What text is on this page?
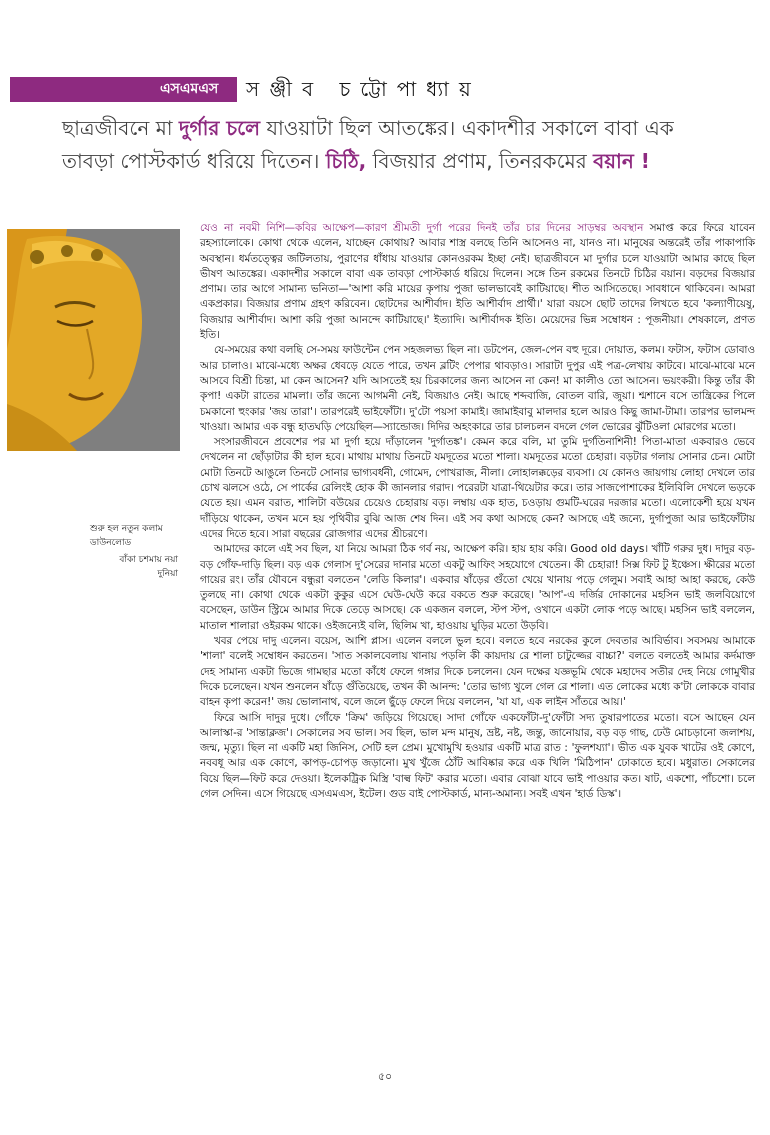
এসএমএস	সঞ্জীব চট্টোপাধ্যায়
ছাত্রজীবনে মা দুর্গার চলে যাওয়াটা ছিল আতঙ্কের। একাদশীর সকালে বাবা এক তাবড়া পোস্টকার্ড ধরিয়ে দিতেন। চিঠি, বিজয়ার প্রণাম, তিনরকমের বয়ান !
শুরু হল নতুন কলাম
ডাউনলোড
বাঁকা চশমায় নয়া
দুনিয়া

যেও না নবমী নিশি—কবির আক্ষেপ—কারণ শ্রীমতী দুর্গা পরের দিনই তাঁর চার দিনের সাড়ম্বর অবস্থান সমাপ্ত করে ফিরে যাবেন রহস্যালোকে। কোথা থেকে এলেন, যাচ্ছেন কোথায়? আবার শাস্ত্র বলছে তিনি আসেনও না, যানও না। মানুষের অন্তরেই তাঁর পাকাপাকি অবস্থান। ধর্মতত্ত্বের জটিলতায়, পুরাণের ধাঁধায় যাওয়ার কোনওরকম ইচ্ছা নেই। ছাত্রজীবনে মা দুর্গার চলে যাওয়াটা আমার কাছে ছিল ভীষণ আতঙ্কের। একাদশীর সকালে বাবা এক তাবড়া পোস্টকার্ড ধরিয়ে দিলেন। সঙ্গে তিন রকমের তিনটে চিঠির বয়ান। বড়দের বিজয়ার প্রণাম। তার আগে সামান্য ভনিতা—'আশা করি মায়ের কৃপায় পুজা ভালভাবেই কাটিয়াছে। শীত আসিতেছে। সাবধানে থাকিবেন। আমরা একপ্রকার। বিজয়ার প্রণাম গ্রহণ করিবেন। ছোটদের আশীর্বাদ। ইতি আশীর্বাদ প্রার্থী।' যারা বয়সে ছোট তাদের লিখতে হবে 'কল্যাণীয়েষু, বিজয়ার আশীর্বাদ। আশা করি পুজা আনন্দে কাটিয়াছে।' ইত্যাদি। আশীর্বাদক ইতি। মেয়েদের ভিন্ন সম্বোধন : পূজনীয়া। শেষকালে, প্রণত ইতি।

যে-সময়ের কথা বলছি সে-সময় ফাউন্টেন পেন সহজলভ্য ছিল না। ডটপেন, জেল-পেন বহু দূরে। দোয়াত, কলম। ফটাস, ফটাস ডোবাও আর চালাও। মাঝে-মধ্যে অক্ষর ধেবড়ে যেতে পারে, তখন ব্লটিং পেপার থাবড়াও। সারাটা দুপুর এই পত্র-লেখায় কাটবে। মাঝে-মাঝে মনে আসবে বিশ্রী চিন্তা, মা কেন আসেন? যদি আসতেই হয় চিরকালের জন্য আসেন না কেন! মা কালীও তো আসেন। ভয়ংকরী। কিন্তু তাঁর কী কৃপা! একটা রাতের মামলা। তাঁর জন্যে আগমনী নেই, বিজয়াও নেই। আছে শব্দবাজি, বোতল বারি, জুয়া। শ্মশানে বসে তান্ত্রিকের পিলে চমকানো হুংকার 'জয় তারা'। তারপরেই ভাইফোঁটা। দু'টো পয়সা কামাই। জামাইবাবু মালদার হলে আরও কিছু জামা-টামা। তারপর ভালমন্দ খাওয়া। আমার এক বন্ধু হাতঘড়ি পেয়েছিল—স্যান্ডোজ। দিদির অহংকারে তার চালচলন বদলে গেল ভোরের ঝুঁটিওলা মোরগের মতো।

সংসারজীবনে প্রবেশের পর মা দুর্গা হয়ে দাঁড়ালেন 'দুর্গাতঙ্ক'। কেমন করে বলি, মা তুমি দুর্গতিনাশিনী! পিতা-মাতা একবারও ভেবে দেখলেন না ছোঁড়াটার কী হাল হবে। মাথায় মাথায় তিনটে যমদূতের মতো শালা। যমদূতের মতো চেহারা। বড়টার গলায় সোনার চেন। মোটা মোটা তিনটে আঙুলে তিনটে সোনার ভাগ্যবর্ধনী, গোমেদ, পোখরাজ, নীলা। লোহালক্কড়ের ব্যবসা। যে কোনও জায়গায় লোহা দেখলে তার চোখ ঝলসে ওঠে, সে পার্কের রেলিংই হোক কী জানলার গরাদ। পরেরটা যাত্রা-থিয়েটার করে। তার সাজপোশাকের ইলিবিলি দেখলে ভড়কে যেতে হয়। এমন বরাত, শালিটা বউয়ের চেয়েও চেহারায় বড়। লম্বায় এক হাত, চওড়ায় গুমটি-ঘরের দরজার মতো। এলোকেশী হয়ে যখন দাঁড়িয়ে থাকেন, তখন মনে হয় পৃথিবীর বুঝি আজ শেষ দিন। এই সব কথা আসছে কেন? আসছে এই জন্যে, দুর্গাপুজা আর ভাইফোঁটায় এদের দিতে হবে। সারা বছরের রোজগার এদের শ্রীচরণে।

আমাদের কালে এই সব ছিল, যা নিয়ে আমরা ঠিক গর্ব নয়, আক্ষেপ করি। হায় হায় করি। Good old days। খাঁটি গরুর দুধ। দাদুর বড়-বড় গোঁফ-দাড়ি ছিল। বড় এক গেলাস দু'সেরের দানার মতো একটু আফিং সহযোগে খেতেন। কী চেহারা! সিক্স ফিট টু ইঞ্চেস। ক্ষীরের মতো গায়ের রং। তাঁর যৌবনে বন্ধুরা বলতেন 'লেডি কিলার'। একবার ষাঁড়ের গুঁতো খেয়ে খানায় পড়ে গেলুম। সবাই আহা আহা করছে, কেউ তুলছে না। কোথা থেকে একটা কুকুর এসে ঘেউ-ঘেউ করে বকতে শুরু করেছে। 'আপ'-এ দর্জির দোকানের মহসিন ভাই জলবিয়োগে বসেছেন, ডাউন স্ট্রিমে আমার দিকে তেড়ে আসছে। কে একজন বললে, স্টপ স্টপ, ওখানে একটা লোক পড়ে আছে। মহসিন ভাই বললেন, মাতাল শালারা ওইরকম থাকে। ওইজন্যেই বলি, ছিলিম খা, হাওয়ায় ঘুড়ির মতো উড়বি।

খবর পেয়ে দাদু এলেন। বয়েস, আশি প্লাস। এলেন বললে ভুল হবে। বলতে হবে নরকের কুলে দেবতার আবির্ভাব। সবসময় আমাকে 'শালা' বলেই সম্বোধন করতেন। 'সাত সকালবেলায় খানায় পড়লি কী কায়দায় রে শালা চাটুজ্জের বাচ্চা?' বলতে বলতেই আমার কর্দমাক্ত দেহ সামান্য একটা ভিজে গামছার মতো কাঁধে ফেলে গঙ্গার দিকে চললেন। যেন দক্ষের যজ্ঞভূমি থেকে মহাদেব সতীর দেহ নিয়ে গোমুখীর দিকে চলেছেন। যখন শুনলেন ষাঁড়ে গুঁতিয়েছে, তখন কী আনন্দ: 'তোর ভাগ্য খুলে গেল রে শালা। এত লোকের মধ্যে ক'টা লোককে বাবার বাহন কৃপা করেন!' জয় ভোলানাথ, বলে জলে ছুঁড়ে ফেলে দিয়ে বললেন, 'যা যা, এক লাইন সাঁতরে আয়।'

ফিরে আসি দাদুর দুধে। গোঁফে 'ক্রিম' জড়িয়ে গিয়েছে। সাদা গোঁফে একফোঁটা-দু'ফোঁটা সদ্য তুষারপাতের মতো। বসে আছেন যেন আলাস্কা-র 'সান্তাক্লজ'। সেকালের সব ভাল। সব ছিল, ভাল মন্দ মানুষ, ভ্রষ্ট, নষ্ট, জন্তু, জানোয়ার, বড় বড় গাছ, ঢেউ মোচড়ানো জলাশয়, জন্ম, মৃত্যু। ছিল না একটি মহা জিনিস, সেটি হল প্রেম। মুখোমুখি হওয়ার একটি মাত্র রাত : 'ফুলশয্যা'। ভীত এক যুবক খাটের ওই কোণে, নববধূ আর এক কোণে, কাপড়-চোপড় জড়ানো। মুখ খুঁজে ঠোঁট আবিষ্কার করে এক খিলি 'মিঠিপান' ঢোকাতে হবে। মধুরাত। সেকালের বিয়ে ছিল—ফিট করে দেওয়া। ইলেকট্রিক মিস্ত্রি 'বাল্ব ফিট' করার মতো। এবার বোঝা যাবে ভাই পাওয়ার কত। ষাট, একশো, পাঁচশো। চলে গেল সেদিন। এসে গিয়েছে এসএমএস, ইটেল। গুড বাই পোস্টকার্ড, মান্য-অমান্য। সবই এখন 'হার্ড ডিস্ক'।

৫০
